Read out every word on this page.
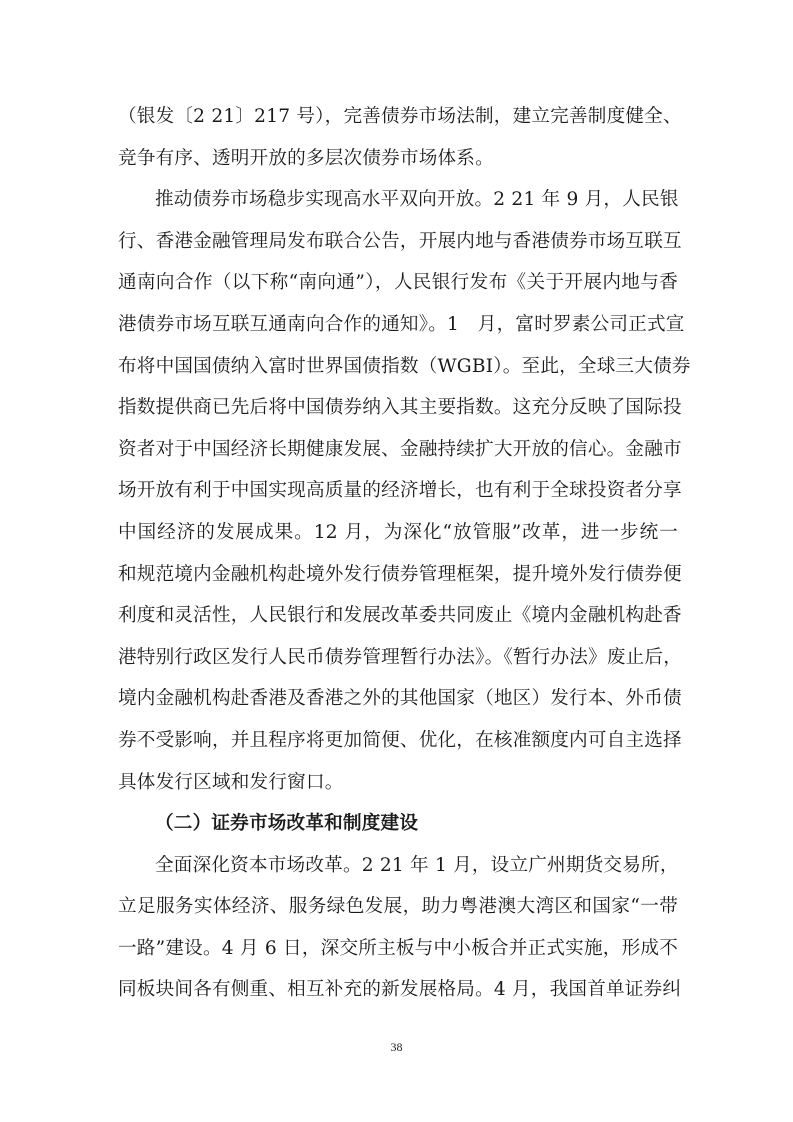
（银发〔2 21〕217 号），完善债券市场法制，建立完善制度健全、
竞争有序、透明开放的多层次债券市场体系。
推动债券市场稳步实现高水平双向开放。2 21 年 9 月，人民银
行、香港金融管理局发布联合公告，开展内地与香港债券市场互联互
通南向合作（以下称“南向通”），人民银行发布《关于开展内地与香
港债券市场互联互通南向合作的通知》。1　月，富时罗素公司正式宣
布将中国国债纳入富时世界国债指数（WGBI）。至此，全球三大债券
指数提供商已先后将中国债券纳入其主要指数。这充分反映了国际投
资者对于中国经济长期健康发展、金融持续扩大开放的信心。金融市
场开放有利于中国实现高质量的经济增长，也有利于全球投资者分享
中国经济的发展成果。12 月，为深化“放管服”改革，进一步统一
和规范境内金融机构赴境外发行债券管理框架，提升境外发行债券便
利度和灵活性，人民银行和发展改革委共同废止《境内金融机构赴香
港特别行政区发行人民币债券管理暂行办法》。《暂行办法》废止后，
境内金融机构赴香港及香港之外的其他国家（地区）发行本、外币债
券不受影响，并且程序将更加简便、优化，在核准额度内可自主选择
具体发行区域和发行窗口。
（二）证券市场改革和制度建设
全面深化资本市场改革。2 21 年 1 月，设立广州期货交易所，
立足服务实体经济、服务绿色发展，助力粤港澳大湾区和国家“一带
一路”建设。4 月 6 日，深交所主板与中小板合并正式实施，形成不
同板块间各有侧重、相互补充的新发展格局。4 月，我国首单证券纠
38
